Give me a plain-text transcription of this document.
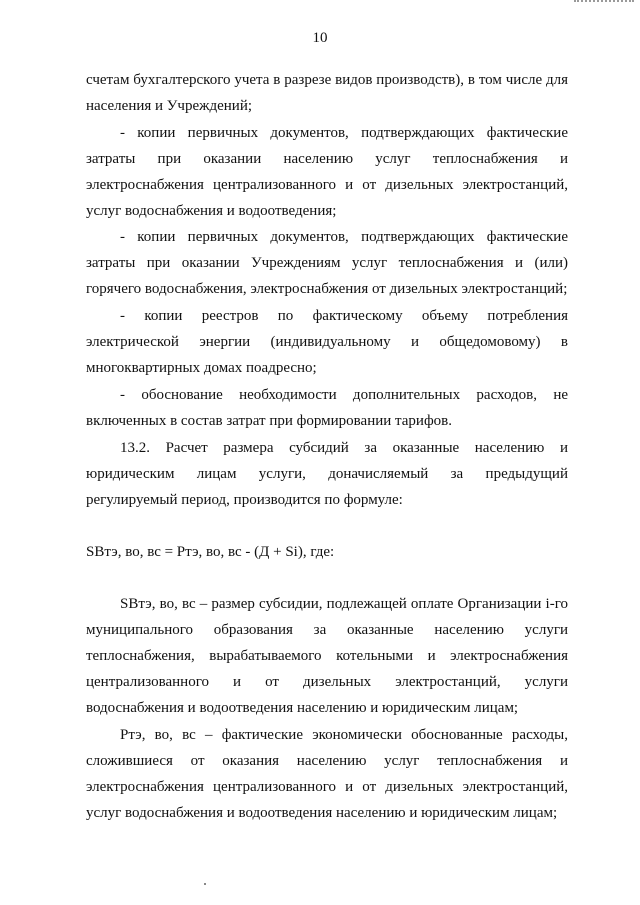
10

счетам бухгалтерского учета в разрезе видов производств), в том числе для населения и Учреждений;

- копии первичных документов, подтверждающих фактические затраты при оказании населению услуг теплоснабжения и электроснабжения централизованного и от дизельных электростанций, услуг водоснабжения и водоотведения;

- копии первичных документов, подтверждающих фактические затраты при оказании Учреждениям услуг теплоснабжения и (или) горячего водоснабжения, электроснабжения от дизельных электростанций;

- копии реестров по фактическому объему потребления электрической энергии (индивидуальному и общедомовому) в многоквартирных домах поадресно;

- обоснование необходимости дополнительных расходов, не включенных в состав затрат при формировании тарифов.

13.2. Расчет размера субсидий за оказанные населению и юридическим лицам услуги, доначисляемый за предыдущий регулируемый период, производится по формуле:

SВтэ, во, вс = Ртэ, во, вс - (Д + Si), где:

SВтэ, во, вс – размер субсидии, подлежащей оплате Организации i-го муниципального образования за оказанные населению услуги теплоснабжения, вырабатываемого котельными и электроснабжения централизованного и от дизельных электростанций, услуги водоснабжения и водоотведения населению и юридическим лицам;

Ртэ, во, вс – фактические экономически обоснованные расходы, сложившиеся от оказания населению услуг теплоснабжения и электроснабжения централизованного и от дизельных электростанций, услуг водоснабжения и водоотведения населению и юридическим лицам;
